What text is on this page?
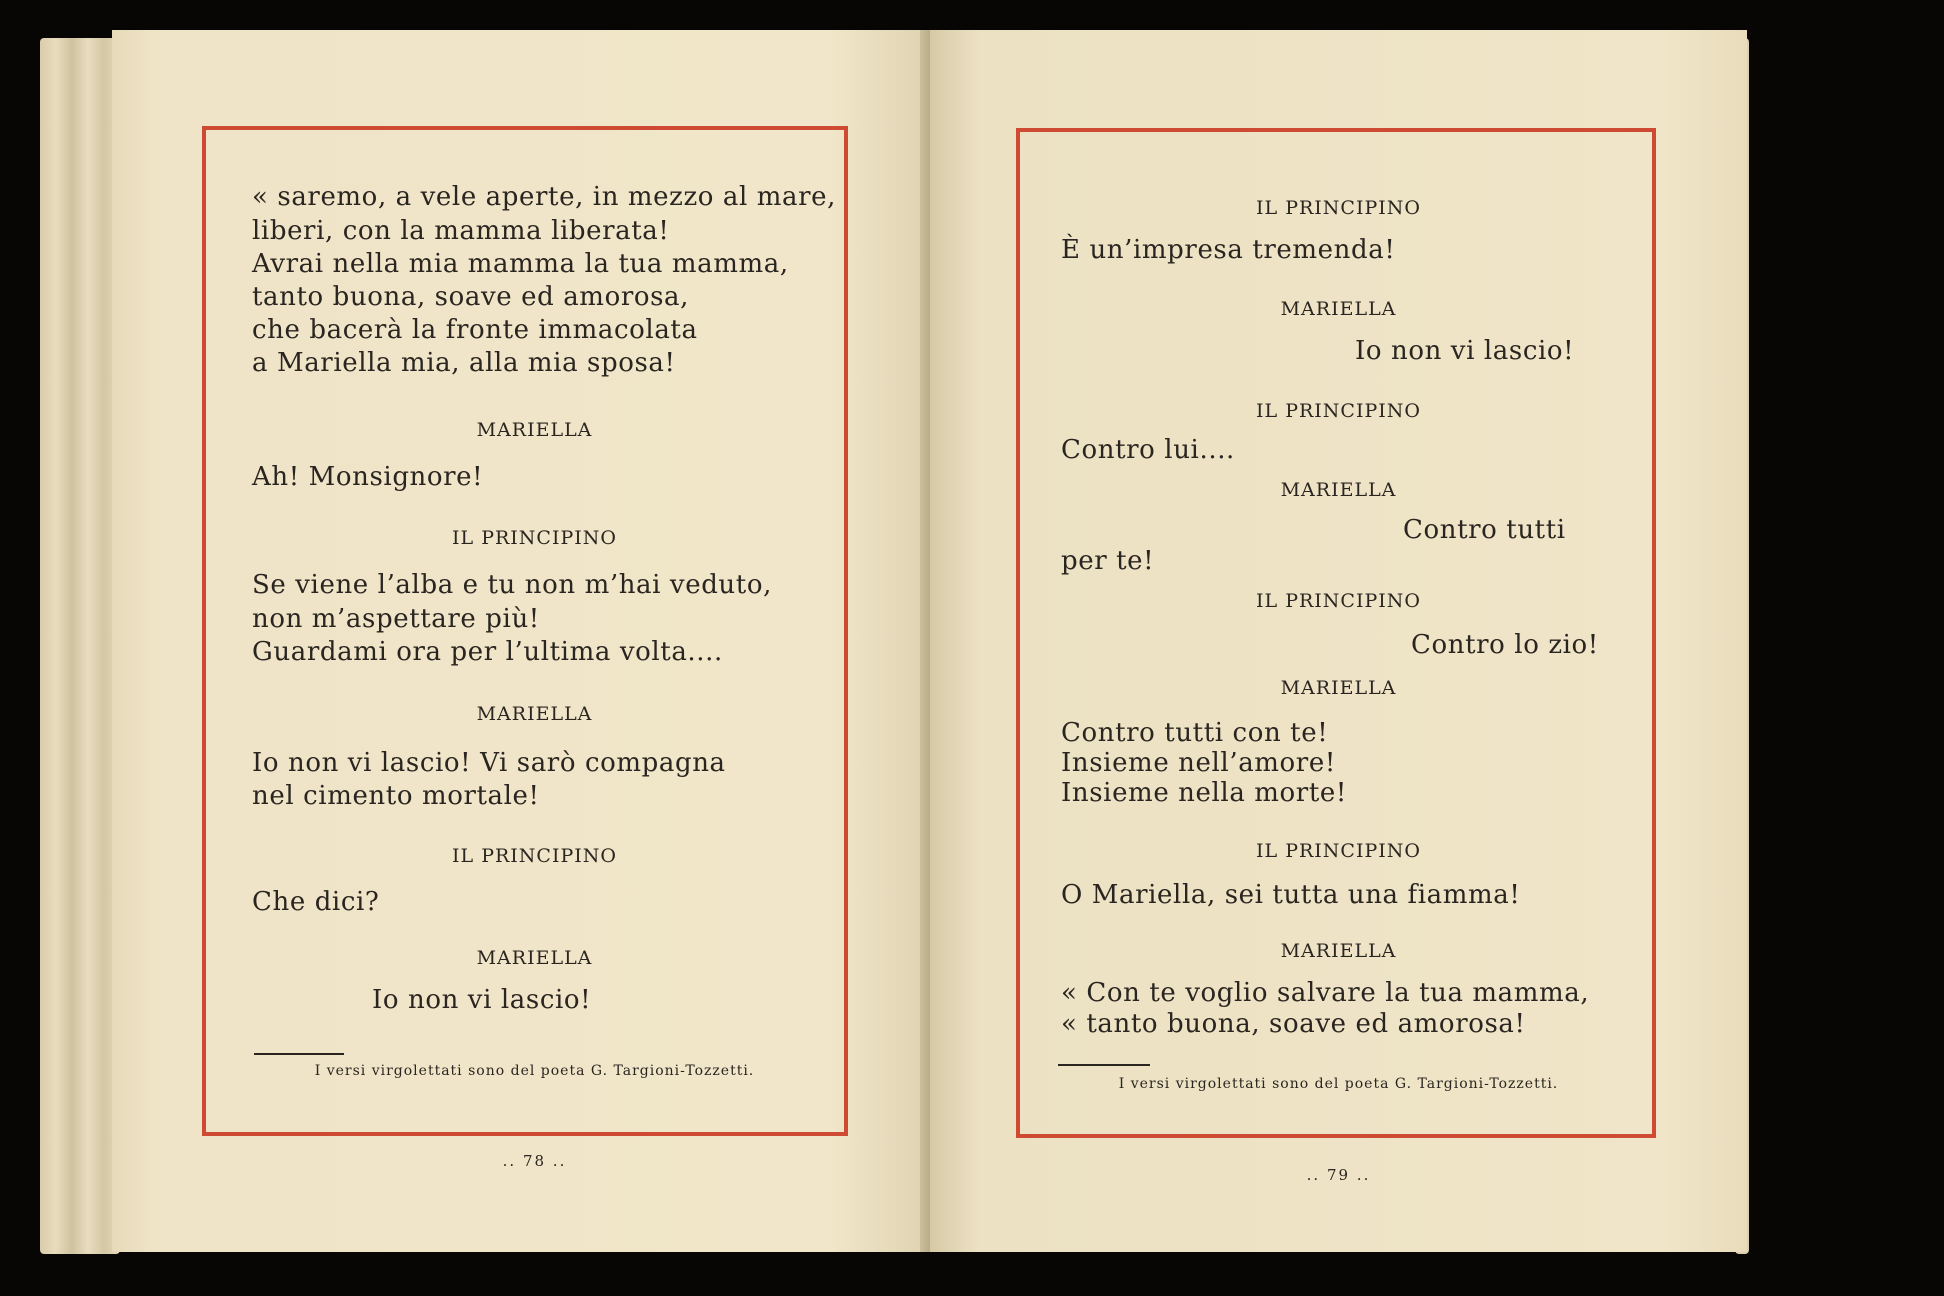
« saremo, a vele aperte, in mezzo al mare,
liberi, con la mamma liberata!
Avrai nella mia mamma la tua mamma,
tanto buona, soave ed amorosa,
che bacerà la fronte immacolata
a Mariella mia, alla mia sposa!
MARIELLA
Ah! Monsignore!
IL PRINCIPINO
Se viene l’alba e tu non m’hai veduto,
non m’aspettare più!
Guardami ora per l’ultima volta....
MARIELLA
Io non vi lascio! Vi sarò compagna
nel cimento mortale!
IL PRINCIPINO
Che dici?
MARIELLA
Io non vi lascio!
I versi virgolettati sono del poeta G. Targioni-Tozzetti.
.. 78 ..
IL PRINCIPINO
È un’impresa tremenda!
MARIELLA
Io non vi lascio!
IL PRINCIPINO
Contro lui....
MARIELLA
Contro tutti
per te!
IL PRINCIPINO
Contro lo zio!
MARIELLA
Contro tutti con te!
Insieme nell’amore!
Insieme nella morte!
IL PRINCIPINO
O Mariella, sei tutta una fiamma!
MARIELLA
« Con te voglio salvare la tua mamma,
« tanto buona, soave ed amorosa!
I versi virgolettati sono del poeta G. Targioni-Tozzetti.
.. 79 ..
